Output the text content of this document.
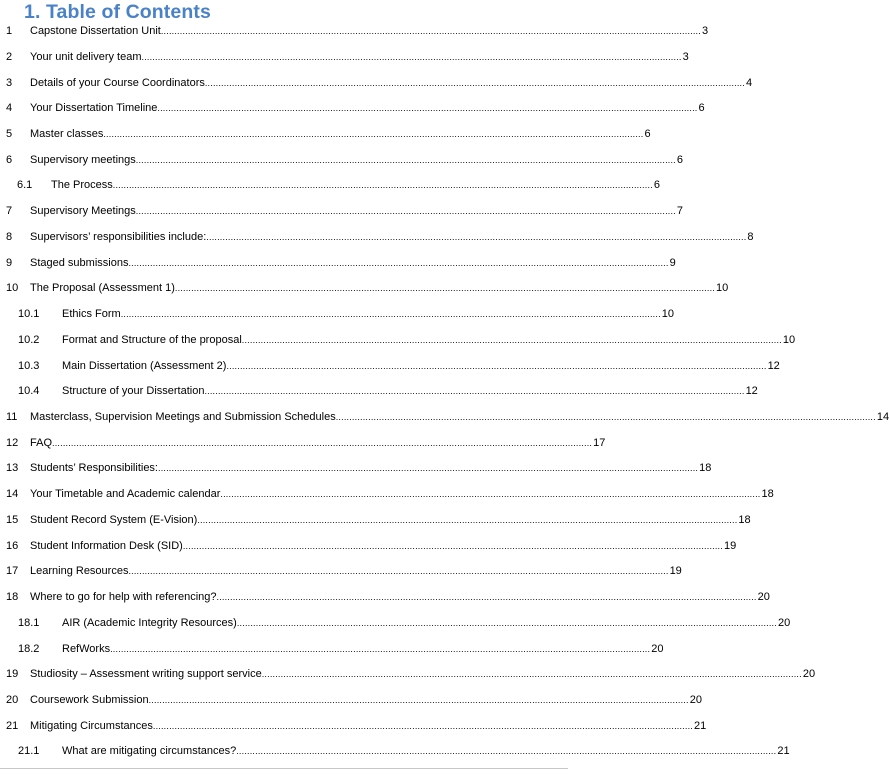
1. Table of Contents
1 Capstone Dissertation Unit ........................................................................................................................................................................................................ 3
2 Your unit delivery team ........................................................................................................................................................................................................ 3
3 Details of your Course Coordinators ........................................................................................................................................................................................................ 4
4 Your Dissertation Timeline ........................................................................................................................................................................................................ 6
5 Master classes ........................................................................................................................................................................................................ 6
6 Supervisory meetings ........................................................................................................................................................................................................ 6
6.1 The Process ........................................................................................................................................................................................................ 6
7 Supervisory Meetings ........................................................................................................................................................................................................ 7
8 Supervisors’ responsibilities include: ........................................................................................................................................................................................................ 8
9 Staged submissions ........................................................................................................................................................................................................ 9
10 The Proposal (Assessment 1) ........................................................................................................................................................................................................ 10
10.1 Ethics Form ........................................................................................................................................................................................................ 10
10.2 Format and Structure of the proposal ........................................................................................................................................................................................................ 10
10.3 Main Dissertation (Assessment 2) ........................................................................................................................................................................................................ 12
10.4 Structure of your Dissertation ........................................................................................................................................................................................................ 12
11 Masterclass, Supervision Meetings and Submission Schedules ........................................................................................................................................................................................................ 14
12 FAQ ........................................................................................................................................................................................................ 17
13 Students’ Responsibilities: ........................................................................................................................................................................................................ 18
14 Your Timetable and Academic calendar ........................................................................................................................................................................................................ 18
15 Student Record System (E-Vision) ........................................................................................................................................................................................................ 18
16 Student Information Desk (SID) ........................................................................................................................................................................................................ 19
17 Learning Resources ........................................................................................................................................................................................................ 19
18 Where to go for help with referencing? ........................................................................................................................................................................................................ 20
18.1 AIR (Academic Integrity Resources) ........................................................................................................................................................................................................ 20
18.2 RefWorks ........................................................................................................................................................................................................ 20
19 Studiosity – Assessment writing support service ........................................................................................................................................................................................................ 20
20 Coursework Submission ........................................................................................................................................................................................................ 20
21 Mitigating Circumstances ........................................................................................................................................................................................................ 21
21.1 What are mitigating circumstances? ........................................................................................................................................................................................................ 21
